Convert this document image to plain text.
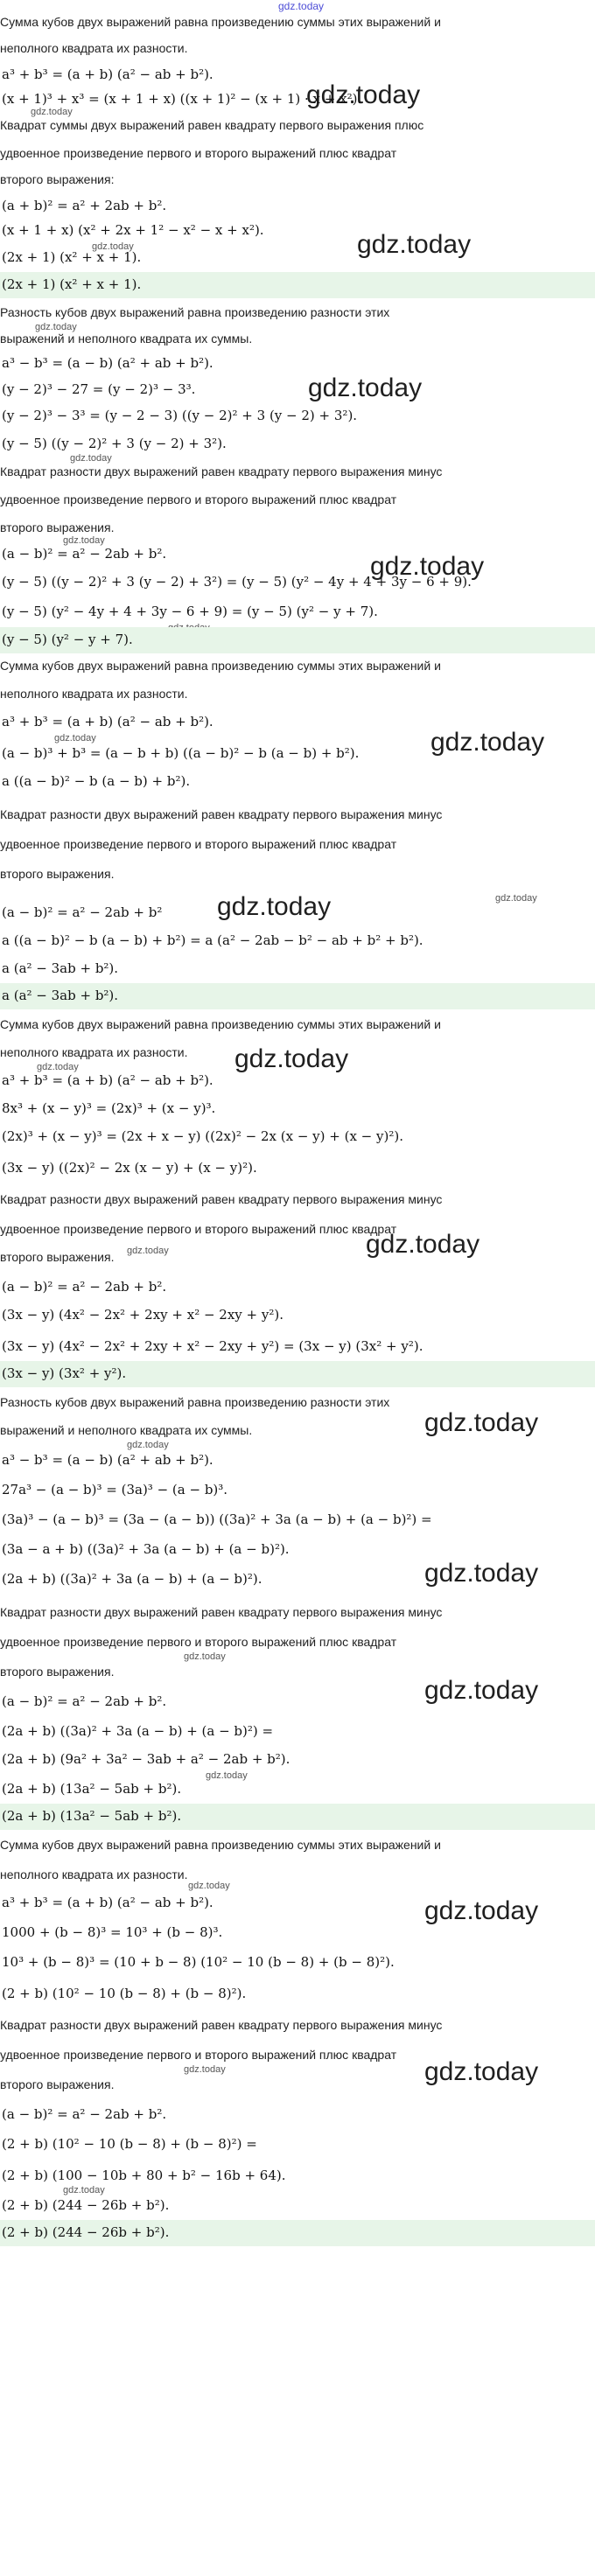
gdz.today
Сумма кубов двух выражений равна произведению суммы этих выражений и
неполного квадрата их разности.
a³ + b³ = (a + b) (a² − ab + b²).
gdz.today
(x + 1)³ + x³ = (x + 1 + x) ((x + 1)² − (x + 1) · x + x²).
gdz.today
Квадрат суммы двух выражений равен квадрату первого выражения плюс
удвоенное произведение первого и второго выражений плюс квадрат
второго выражения:
(a + b)² = a² + 2ab + b².
(x + 1 + x) (x² + 2x + 1² − x² − x + x²).	gdz.today
gdz.today
(2x + 1) (x² + x + 1).
(2x + 1) (x² + x + 1).
Разность кубов двух выражений равна произведению разности этих
gdz.today
выражений и неполного квадрата их суммы.
a³ − b³ = (a − b) (a² + ab + b²).
(y − 2)³ − 27 = (y − 2)³ − 3³.	gdz.today
(y − 2)³ − 3³ = (y − 2 − 3) ((y − 2)² + 3 (y − 2) + 3²).
(y − 5) ((y − 2)² + 3 (y − 2) + 3²).
gdz.today
Квадрат разности двух выражений равен квадрату первого выражения минус
удвоенное произведение первого и второго выражений плюс квадрат
второго выражения.
gdz.today
(a − b)² = a² − 2ab + b².	gdz.today
(y − 5) ((y − 2)² + 3 (y − 2) + 3²) = (y − 5) (y² − 4y + 4 + 3y − 6 + 9).
(y − 5) (y² − 4y + 4 + 3y − 6 + 9) = (y − 5) (y² − y + 7).
(y − 5) (y² − y + 7).
Сумма кубов двух выражений равна произведению суммы этих выражений и
неполного квадрата их разности.
a³ + b³ = (a + b) (a² − ab + b²).
gdz.today	gdz.today
(a − b)³ + b³ = (a − b + b) ((a − b)² − b (a − b) + b²).
a ((a − b)² − b (a − b) + b²).
Квадрат разности двух выражений равен квадрату первого выражения минус
удвоенное произведение первого и второго выражений плюс квадрат
второго выражения.
gdz.today
(a − b)² = a² − 2ab + b²	gdz.today
a ((a − b)² − b (a − b) + b²) = a (a² − 2ab − b² − ab + b² + b²).
a (a² − 3ab + b²).
a (a² − 3ab + b²).
Сумма кубов двух выражений равна произведению суммы этих выражений и
неполного квадрата их разности.	gdz.today
gdz.today
a³ + b³ = (a + b) (a² − ab + b²).
8x³ + (x − y)³ = (2x)³ + (x − y)³.
(2x)³ + (x − y)³ = (2x + x − y) ((2x)² − 2x (x − y) + (x − y)²).
(3x − y) ((2x)² − 2x (x − y) + (x − y)²).
Квадрат разности двух выражений равен квадрату первого выражения минус
удвоенное произведение первого и второго выражений плюс квадрат
gdz.today
gdz.today
второго выражения.
(a − b)² = a² − 2ab + b².
(3x − y) (4x² − 2x² + 2xy + x² − 2xy + y²).
(3x − y) (4x² − 2x² + 2xy + x² − 2xy + y²) = (3x − y) (3x² + y²).
(3x − y) (3x² + y²).
Разность кубов двух выражений равна произведению разности этих
gdz.today
выражений и неполного квадрата их суммы.
gdz.today
a³ − b³ = (a − b) (a² + ab + b²).
27a³ − (a − b)³ = (3a)³ − (a − b)³.
(3a)³ − (a − b)³ = (3a − (a − b)) ((3a)² + 3a (a − b) + (a − b)²) =
(3a − a + b) ((3a)² + 3a (a − b) + (a − b)²).
(2a + b) ((3a)² + 3a (a − b) + (a − b)²).	gdz.today
Квадрат разности двух выражений равен квадрату первого выражения минус
удвоенное произведение первого и второго выражений плюс квадрат
gdz.today
второго выражения.
gdz.today
(a − b)² = a² − 2ab + b².
(2a + b) ((3a)² + 3a (a − b) + (a − b)²) =
(2a + b) (9a² + 3a² − 3ab + a² − 2ab + b²).
gdz.today
(2a + b) (13a² − 5ab + b²).
(2a + b) (13a² − 5ab + b²).
Сумма кубов двух выражений равна произведению суммы этих выражений и
неполного квадрата их разности.
gdz.today
a³ + b³ = (a + b) (a² − ab + b²).	gdz.today
1000 + (b − 8)³ = 10³ + (b − 8)³.
10³ + (b − 8)³ = (10 + b − 8) (10² − 10 (b − 8) + (b − 8)²).
(2 + b) (10² − 10 (b − 8) + (b − 8)²).
Квадрат разности двух выражений равен квадрату первого выражения минус
удвоенное произведение первого и второго выражений плюс квадрат
gdz.today
второго выражения.	gdz.today
(a − b)² = a² − 2ab + b².
(2 + b) (10² − 10 (b − 8) + (b − 8)²) =
(2 + b) (100 − 10b + 80 + b² − 16b + 64).
gdz.today
(2 + b) (244 − 26b + b²).
(2 + b) (244 − 26b + b²).
